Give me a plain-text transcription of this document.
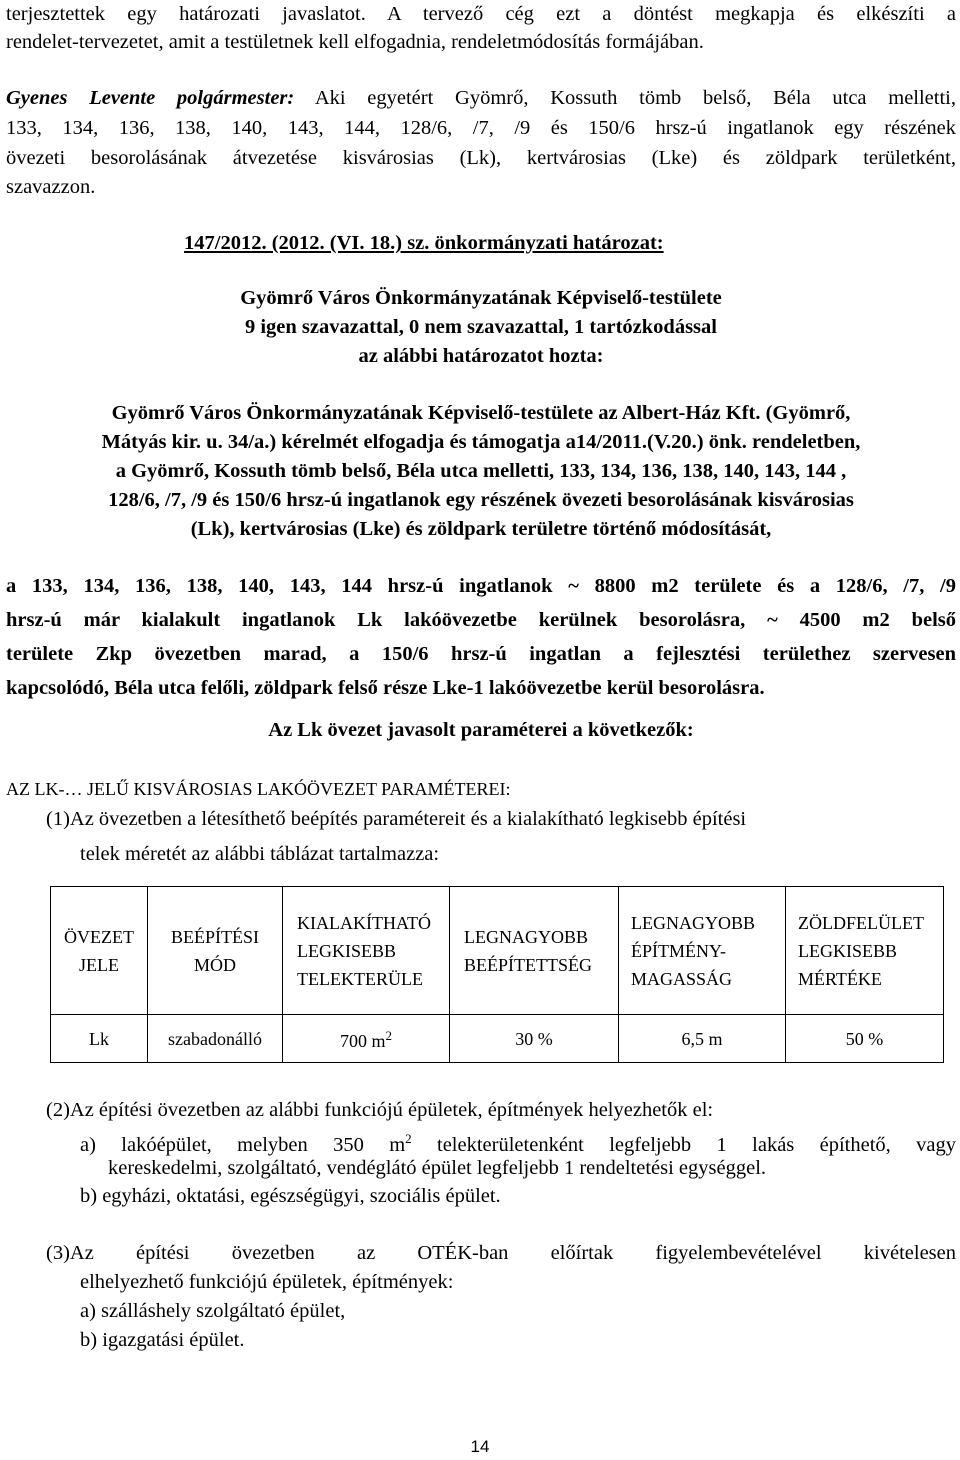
terjesztettek egy határozati javaslatot. A tervező cég ezt a döntést megkapja és elkészíti a
rendelet-tervezetet, amit a testületnek kell elfogadnia, rendeletmódosítás formájában.
Gyenes Levente polgármester: Aki egyetért Gyömrő, Kossuth tömb belső, Béla utca melletti,
133, 134, 136, 138, 140, 143, 144, 128/6, /7, /9 és 150/6 hrsz-ú ingatlanok egy részének
övezeti besorolásának átvezetése kisvárosias (Lk), kertvárosias (Lke) és zöldpark területként,
szavazzon.
147/2012. (2012. (VI. 18.) sz. önkormányzati határozat:
Gyömrő Város Önkormányzatának Képviselő-testülete
9 igen szavazattal, 0 nem szavazattal, 1 tartózkodással
az alábbi határozatot hozta:
Gyömrő Város Önkormányzatának Képviselő-testülete az Albert-Ház Kft. (Gyömrő,
Mátyás kir. u. 34/a.) kérelmét elfogadja és támogatja a14/2011.(V.20.) önk. rendeletben,
a Gyömrő, Kossuth tömb belső, Béla utca melletti, 133, 134, 136, 138, 140, 143, 144 ,
128/6, /7, /9 és 150/6 hrsz-ú ingatlanok egy részének övezeti besorolásának kisvárosias
(Lk), kertvárosias (Lke) és zöldpark területre történő módosítását,
a 133, 134, 136, 138, 140, 143, 144 hrsz-ú ingatlanok ~ 8800 m2 területe és a 128/6, /7, /9
hrsz-ú már kialakult ingatlanok Lk lakóövezetbe kerülnek besorolásra, ~ 4500 m2 belső
területe Zkp övezetben marad, a 150/6 hrsz-ú ingatlan a fejlesztési területhez szervesen
kapcsolódó, Béla utca felőli, zöldpark felső része Lke-1 lakóövezetbe kerül besorolásra.
Az Lk övezet javasolt paraméterei a következők:
AZ LK-… JELŰ KISVÁROSIAS LAKÓÖVEZET PARAMÉTEREI:
(1)Az övezetben a létesíthető beépítés paramétereit és a kialakítható legkisebb építési
telek méretét az alábbi táblázat tartalmazza:
ÖVEZET JELE	BEÉPÍTÉSI MÓD	KIALAKÍTHATÓ LEGKISEBB TELEKTERÜLE	LEGNAGYOBB BEÉPÍTETTSÉG	LEGNAGYOBB ÉPÍTMÉNY-MAGASSÁG	ZÖLDFELÜLET LEGKISEBB MÉRTÉKE
Lk	szabadonálló	700 $m^2$	30 %	6,5 m	50 %
(2)Az építési övezetben az alábbi funkciójú épületek, építmények helyezhetők el:
a) lakóépület, melyben 350 $m^2$ telekterületenként legfeljebb 1 lakás építhető, vagy
kereskedelmi, szolgáltató, vendéglátó épület legfeljebb 1 rendeltetési egységgel.
b) egyházi, oktatási, egészségügyi, szociális épület.
(3)Az építési övezetben az OTÉK-ban előírtak figyelembevételével kivételesen
elhelyezhető funkciójú épületek, építmények:
a) szálláshely szolgáltató épület,
b) igazgatási épület.
14
